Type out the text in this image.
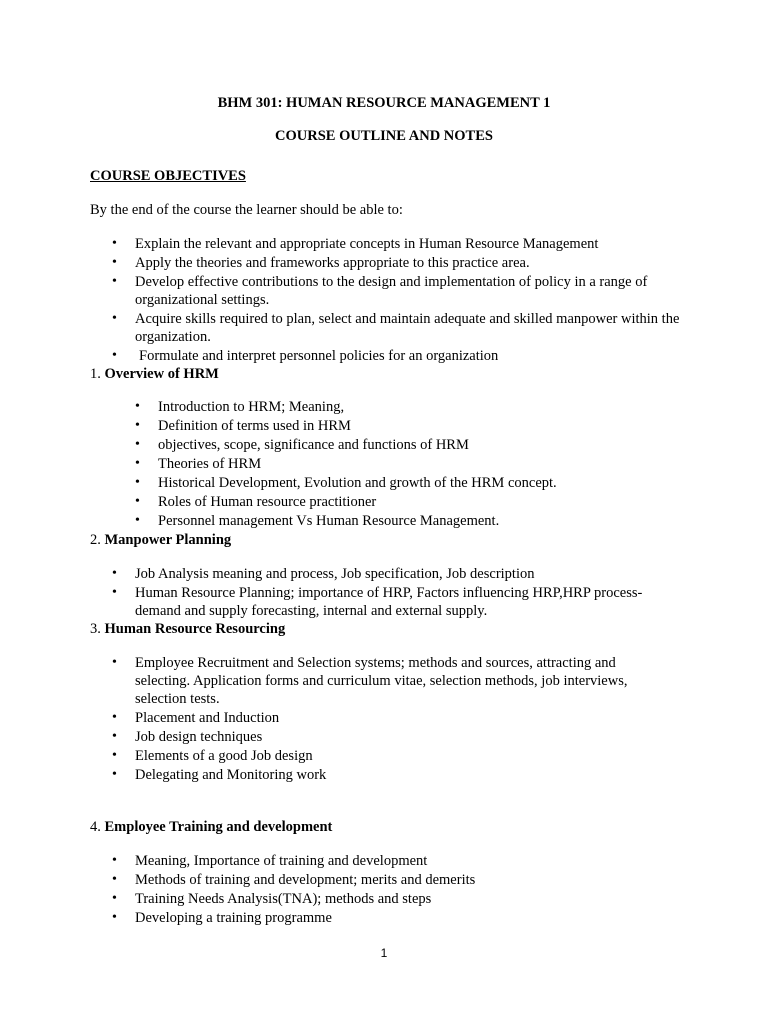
BHM 301: HUMAN RESOURCE MANAGEMENT 1
COURSE OUTLINE AND NOTES
COURSE OBJECTIVES
By the end of the course the learner should be able to:
• Explain the relevant and appropriate concepts in Human Resource Management
• Apply the theories and frameworks appropriate to this practice area.
• Develop effective contributions to the design and implementation of policy in a range of organizational settings.
• Acquire skills required to plan, select and maintain adequate and skilled manpower within the organization.
• Formulate and interpret personnel policies for an organization
1. Overview of HRM
• Introduction to HRM; Meaning,
• Definition of terms used in HRM
• objectives, scope, significance and functions of HRM
• Theories of HRM
• Historical Development, Evolution and growth of the HRM concept.
• Roles of Human resource practitioner
• Personnel management Vs Human Resource Management.
2. Manpower Planning
• Job Analysis meaning and process, Job specification, Job description
• Human Resource Planning; importance of HRP, Factors influencing HRP,HRP process-demand and supply forecasting, internal and external supply.
3. Human Resource Resourcing
• Employee Recruitment and Selection systems; methods and sources, attracting and selecting. Application forms and curriculum vitae, selection methods, job interviews, selection tests.
• Placement and Induction
• Job design techniques
• Elements of a good Job design
• Delegating and Monitoring work
4. Employee Training and development
• Meaning, Importance of training and development
• Methods of training and development; merits and demerits
• Training Needs Analysis(TNA); methods and steps
• Developing a training programme
1
